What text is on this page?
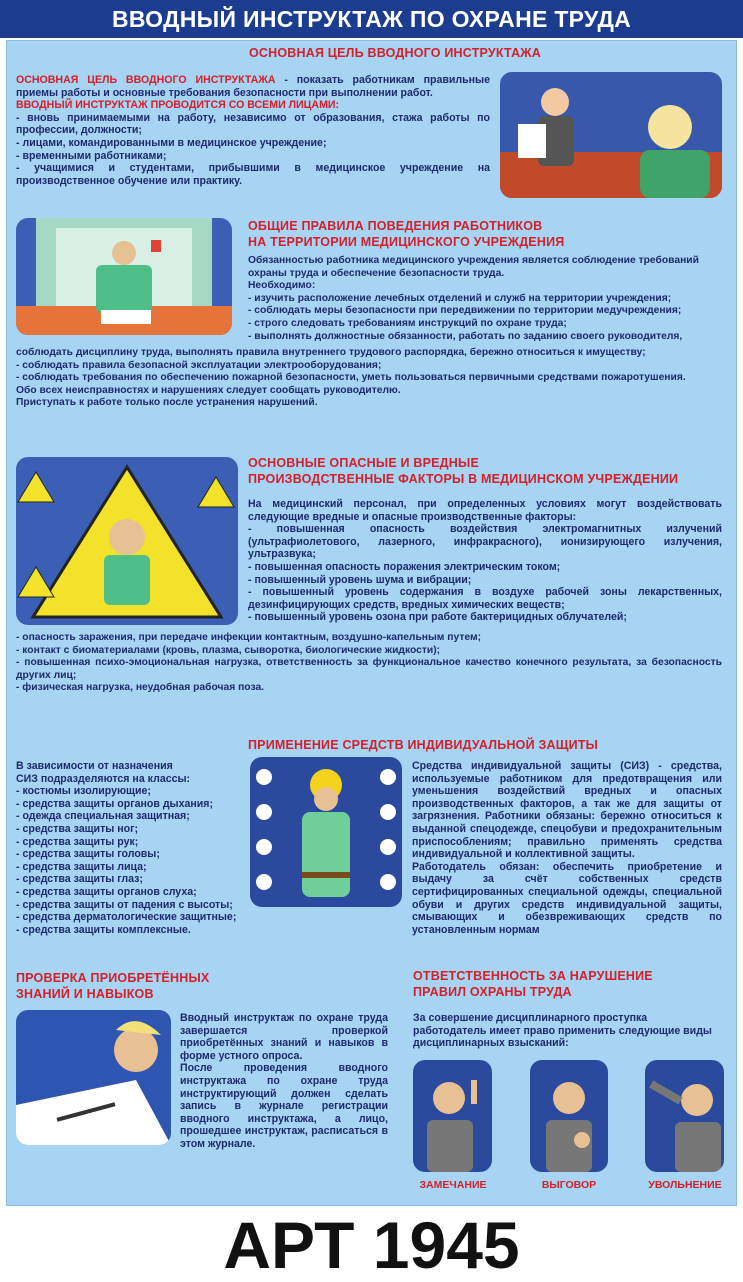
ВВОДНЫЙ ИНСТРУКТАЖ ПО ОХРАНЕ ТРУДА
ОСНОВНАЯ ЦЕЛЬ ВВОДНОГО ИНСТРУКТАЖА

ОСНОВНАЯ ЦЕЛЬ ВВОДНОГО ИНСТРУКТАЖА - показать работникам правильные приемы работы и основные требования безопасности при выполнении работ.

ВВОДНЫЙ ИНСТРУКТАЖ ПРОВОДИТСЯ СО ВСЕМИ ЛИЦАМИ:

- вновь принимаемыми на работу, независимо от образования, стажа работы по профессии, должности;

- лицами, командированными в медицинское учреждение;

- временными работниками;

- учащимися и студентами, прибывшими в медицинское учреждение на производственное обучение или практику.

ОБЩИЕ ПРАВИЛА ПОВЕДЕНИЯ РАБОТНИКОВ
НА ТЕРРИТОРИИ МЕДИЦИНСКОГО УЧРЕЖДЕНИЯ

Обязанностью работника медицинского учреждения является соблюдение требований охраны труда и обеспечение безопасности труда.

Необходимо:

- изучить расположение лечебных отделений и служб на территории учреждения;

- соблюдать меры безопасности при передвижении по территории медучреждения;

- строго следовать требованиям инструкций по охране труда;

- выполнять должностные обязанности, работать по заданию своего руководителя,

соблюдать дисциплину труда, выполнять правила внутреннего трудового распорядка, бережно относиться к имуществу;

- соблюдать правила безопасной эксплуатации электрооборудования;

- соблюдать требования по обеспечению пожарной безопасности, уметь пользоваться первичными средствами пожаротушения.

Обо всех неисправностях и нарушениях следует сообщать руководителю.

Приступать к работе только после устранения нарушений.

ОСНОВНЫЕ ОПАСНЫЕ И ВРЕДНЫЕ
ПРОИЗВОДСТВЕННЫЕ ФАКТОРЫ В МЕДИЦИНСКОМ УЧРЕЖДЕНИИ

На медицинский персонал, при определенных условиях могут воздействовать следующие вредные и опасные производственные факторы:

- повышенная опасность воздействия электромагнитных излучений (ультрафиолетового, лазерного, инфракрасного), ионизирующего излучения, ультразвука;

- повышенная опасность поражения электрическим током;

- повышенный уровень шума и вибрации;

- повышенный уровень содержания в воздухе рабочей зоны лекарственных, дезинфицирующих средств, вредных химических веществ;

- повышенный уровень озона при работе бактерицидных облучателей;

- опасность заражения, при передаче инфекции контактным, воздушно-капельным путем;

- контакт с биоматериалами (кровь, плазма, сыворотка, биологические жидкости);

- повышенная психо-эмоциональная нагрузка, ответственность за функциональное качество конечного результата, за безопасность других лиц;

- физическая нагрузка, неудобная рабочая поза.

ПРИМЕНЕНИЕ СРЕДСТВ ИНДИВИДУАЛЬНОЙ ЗАЩИТЫ

В зависимости от назначения

СИЗ подразделяются на классы:

- костюмы изолирующие;

- средства защиты органов дыхания;

- одежда специальная защитная;

- средства защиты ног;

- средства защиты рук;

- средства защиты головы;

- средства защиты лица;

- средства защиты глаз;

- средства защиты органов слуха;

- средства защиты от падения с высоты;

- средства дерматологические защитные;

- средства защиты комплексные.

Средства индивидуальной защиты (СИЗ) - средства, используемые работником для предотвращения или уменьшения воздействий вредных и опасных производственных факторов, а так же для защиты от загрязнения. Работники обязаны: бережно относиться к выданной спецодежде, спецобуви и предохранительным приспособлениям; правильно применять средства индивидуальной и коллективной защиты.

Работодатель обязан: обеспечить приобретение и выдачу за счёт собственных средств сертифицированных специальной одежды, специальной обуви и других средств индивидуальной защиты, смывающих и обезвреживающих средств по установленным нормам

ПРОВЕРКА ПРИОБРЕТЁННЫХ
ЗНАНИЙ И НАВЫКОВ

Вводный инструктаж по охране труда завершается проверкой приобретённых знаний и навыков в форме устного опроса.

После проведения вводного инструктажа по охране труда инструктирующий должен сделать запись в журнале регистрации вводного инструктажа, а лицо, прошедшее инструктаж, расписаться в этом журнале.

ОТВЕТСТВЕННОСТЬ ЗА НАРУШЕНИЕ
ПРАВИЛ ОХРАНЫ ТРУДА
За совершение дисциплинарного проступка работодатель имеет право применить следующие виды дисциплинарных взысканий:
ЗАМЕЧАНИЕ	ВЫГОВОР	УВОЛЬНЕНИЕ
АРТ 1945
